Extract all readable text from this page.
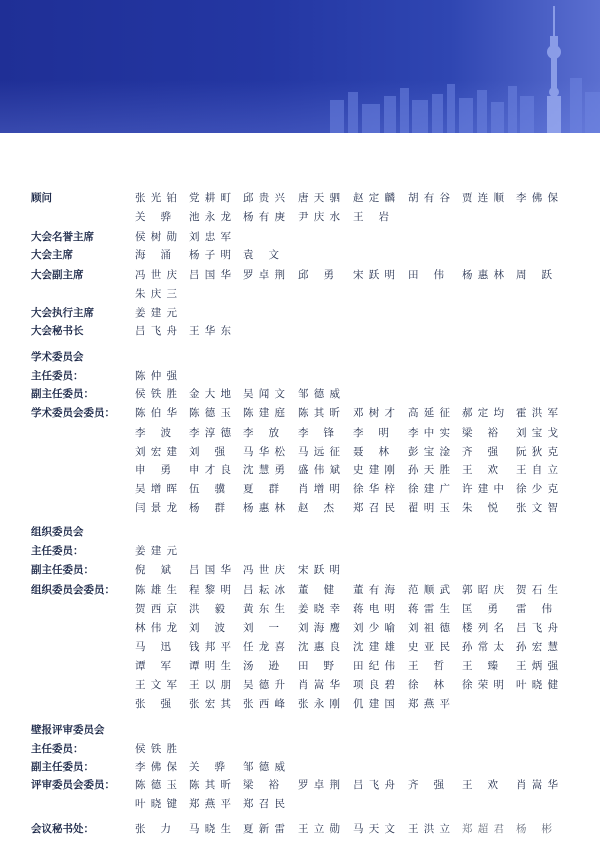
顾问	张光铂 党耕町 邱贵兴 唐天驷 赵定麟 胡有谷 贾连顺 李佛保
关 骅 池永龙 杨有庚 尹庆水 王 岩
大会名誉主席	侯树勋 刘忠军
大会主席	海 涌 杨子明 袁 文
大会副主席	冯世庆 吕国华 罗卓荆 邱 勇 宋跃明 田 伟 杨惠林 周 跃
朱庆三
大会执行主席	姜建元
大会秘书长	吕飞舟 王华东
学术委员会
主任委员：	陈仲强
副主任委员：	侯铁胜 金大地 吴闻文 邹德威
学术委员会委员： 陈伯华 陈德玉 陈建庭 陈其昕 邓树才 高延征 郝定均 霍洪军
李 波 李淳德 李 放 李 锋 李 明 李中实 梁 裕 刘宝戈
刘宏建 刘 强 马华松 马远征 聂 林 彭宝淦 齐 强 阮狄克
申 勇 申才良 沈慧勇 盛伟斌 史建刚 孙天胜 王 欢 王自立
吴增晖 伍 骥 夏 群 肖增明 徐华梓 徐建广 许建中 徐少克
闫景龙 杨 群 杨惠林 赵 杰 郑召民 翟明玉 朱 悦 张文智
组织委员会
主任委员：	姜建元
副主任委员：	倪 斌 吕国华 冯世庆 宋跃明
组织委员会委员： 陈雄生 程黎明 吕耘冰 董 健 董有海 范顺武 郭昭庆 贺石生
贺西京 洪 毅 黄东生 姜晓幸 蒋电明 蒋雷生 匡 勇 雷 伟
林伟龙 刘 波 刘 一 刘海鹰 刘少喻 刘祖德 楼列名 吕飞舟
马 迅 钱邦平 任龙喜 沈惠良 沈建雄 史亚民 孙常太 孙宏慧
谭 军 谭明生 汤 逊 田 野 田纪伟 王 哲 王 臻 王炳强
王文军 王以朋 吴德升 肖嵩华 项良碧 徐 林 徐荣明 叶晓健
张 强 张宏其 张西峰 张永刚 仉建国 郑燕平
壁报评审委员会
主任委员：	侯铁胜
副主任委员：	李佛保 关 骅 邹德威
评审委员会委员： 陈德玉 陈其昕 梁 裕 罗卓荆 吕飞舟 齐 强 王 欢 肖嵩华
叶晓键 郑燕平 郑召民
会议秘书处：	张 力 马晓生 夏新雷 王立勋 马天文 王洪立 郑超君 杨 彬
